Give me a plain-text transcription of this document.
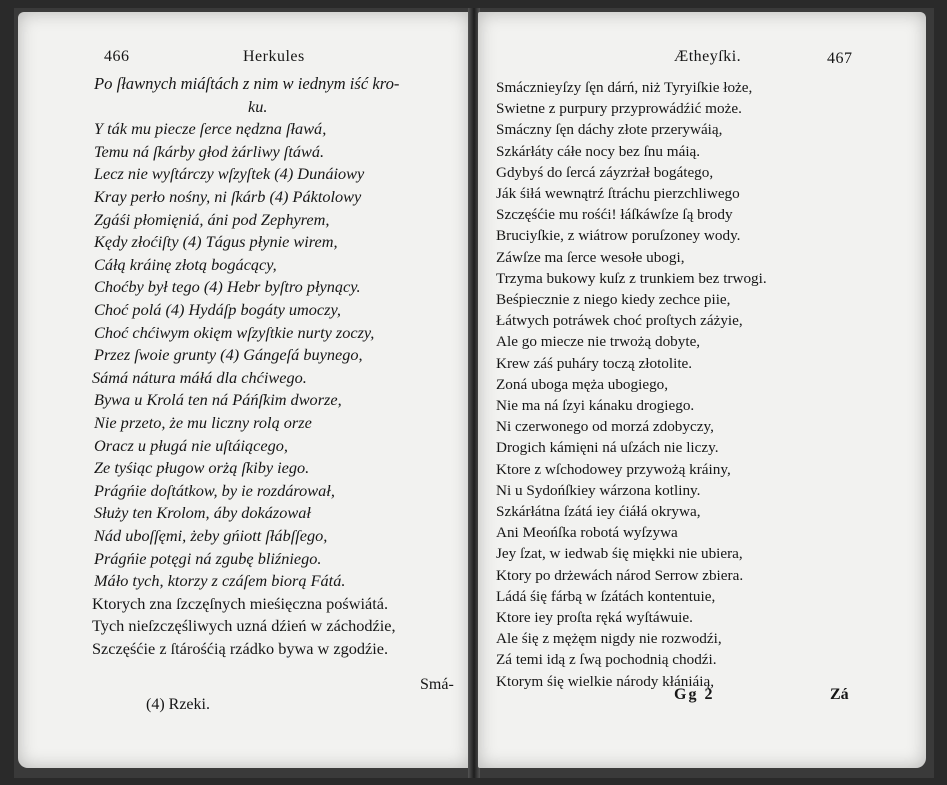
466	Herkules
Po ſławnych miáſtách z nim w iednym iść kro-
ku.
Y ták mu piecze ſerce nędzna ſławá,
Temu ná ſkárby głod żárliwy ſtáwá.
Lecz nie wyſtárczy wſzyſtek (4) Dunáiowy
Kray perło nośny, ni ſkárb (4) Páktolowy
Zgáśi płomięniá, áni pod Zephyrem,
Kędy złoćiſty (4) Tágus płynie wirem,
Cáłą kráinę złotą bogácący,
Choćby był tego (4) Hebr byſtro płynący.
Choć polá (4) Hydáſp bogáty umoczy,
Choć chćiwym okięm wſzyſtkie nurty zoczy,
Przez ſwoie grunty (4) Gángeſá buynego,
Sámá nátura máłá dla chćiwego.
Bywa u Krolá ten ná Páńſkim dworze,
Nie przeto, że mu liczny rolą orze
Oracz u pługá nie uſtáiącego,
Ze tyśiąc pługow orżą ſkiby iego.
Prágńie doſtátkow, by ie rozdárował,
Służy ten Krolom, áby dokázował
Nád uboſſęmi, żeby gńiott ſłábſſego,
Prágńie potęgi ná zgubę bliźniego.
Máło tych, ktorzy z czáſem biorą Fátá.
Ktorych zna ſzczęſnych mieśięczna poświátá.
Tych nieſzczęśliwych uzná dźień w záchodźie,
Szczęśćie z ſtárośćią rzádko bywa w zgodźie.
Smá-
(4) Rzeki.
Ætheyſki.	467
Smácznieyſzy ſęn dárń, niż Tyryiſkie łoże,
Swietne z purpury przyprowádźić może.
Smáczny ſęn dáchy złote przerywáią,
Szkárłáty cáłe nocy bez ſnu máią.
Gdybyś do ſercá záyzrżał bogátego,
Ják śiłá wewnątrź ſtráchu pierzchliwego
Szczęśćie mu rośći! łáſkáwſze ſą brody
Bruciyſkie, z wiátrow poruſzoney wody.
Záwſze ma ſerce wesołe ubogi,
Trzyma bukowy kuſz z trunkiem bez trwogi.
Beśpiecznie z niego kiedy zechce piie,
Łátwych potráwek choć proſtych záżyie,
Ale go miecze nie trwożą dobyte,
Krew záś puháry toczą złotolite.
Zoná uboga męża ubogiego,
Nie ma ná ſzyi kánaku drogiego.
Ni czerwonego od morzá zdobyczy,
Drogich kámięni ná uſzách nie liczy.
Ktore z wſchodowey przywożą kráiny,
Ni u Sydońſkiey wárzona kotliny.
Szkárłátna ſzátá iey ćiáłá okrywa,
Ani Meońſka robotá wyſzywa
Jey ſzat, w iedwab śię miękki nie ubiera,
Ktory po drżewách národ Serrow zbiera.
Ládá śię fárbą w ſzátách kontentuie,
Ktore iey proſta ręká wyſtáwuie.
Ale śię z mężęm nigdy nie rozwodźi,
Zá temi idą z ſwą pochodnią chodźi.
Ktorym śię wielkie národy kłániáią,
Gg 2	Zá
